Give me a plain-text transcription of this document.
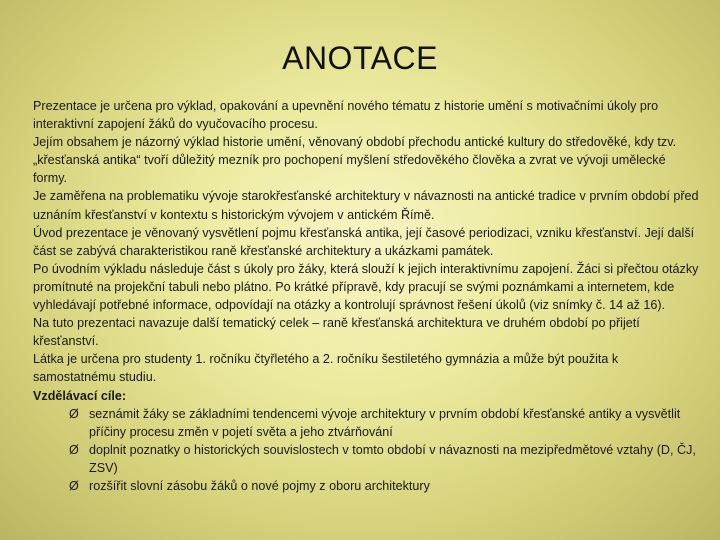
ANOTACE

Prezentace je určena pro výklad, opakování a upevnění nového tématu z historie umění s motivačními úkoly pro interaktivní zapojení žáků do vyučovacího procesu.

Jejím obsahem je názorný výklad historie umění, věnovaný období přechodu antické kultury do středověké, kdy tzv. „křesťanská antika“ tvoří důležitý mezník pro pochopení myšlení středověkého člověka a zvrat ve vývoji umělecké formy.

Je zaměřena na problematiku vývoje starokřesťanské architektury v návaznosti na antické tradice v prvním období před uznáním křesťanství v kontextu s historickým vývojem v antickém Římě.

Úvod prezentace je věnovaný vysvětlení pojmu křesťanská antika, její časové periodizaci, vzniku křesťanství. Její další část se zabývá charakteristikou raně křesťanské architektury a ukázkami památek.

Po úvodním výkladu následuje část s úkoly pro žáky, která slouží k jejich interaktivnímu zapojení. Žáci si přečtou otázky promítnuté na projekční tabuli nebo plátno. Po krátké přípravě, kdy pracují se svými poznámkami a internetem, kde vyhledávají potřebné informace, odpovídají na otázky a kontrolují správnost řešení úkolů (viz snímky č. 14 až 16).

Na tuto prezentaci navazuje další tematický celek – raně křesťanská architektura ve druhém období po přijetí křesťanství.

Látka je určena pro studenty 1. ročníku čtyřletého a 2. ročníku šestiletého gymnázia a může být použita k samostatnému studiu.

Vzdělávací cíle:

Ø seznámit žáky se základními tendencemi vývoje architektury v prvním období křesťanské antiky a vysvětlit příčiny procesu změn v pojetí světa a jeho ztvárňování
Ø doplnit poznatky o historických souvislostech v tomto období v návaznosti na mezipředmětové vztahy (D, ČJ, ZSV)
Ø rozšířit slovní zásobu žáků o nové pojmy z oboru architektury
